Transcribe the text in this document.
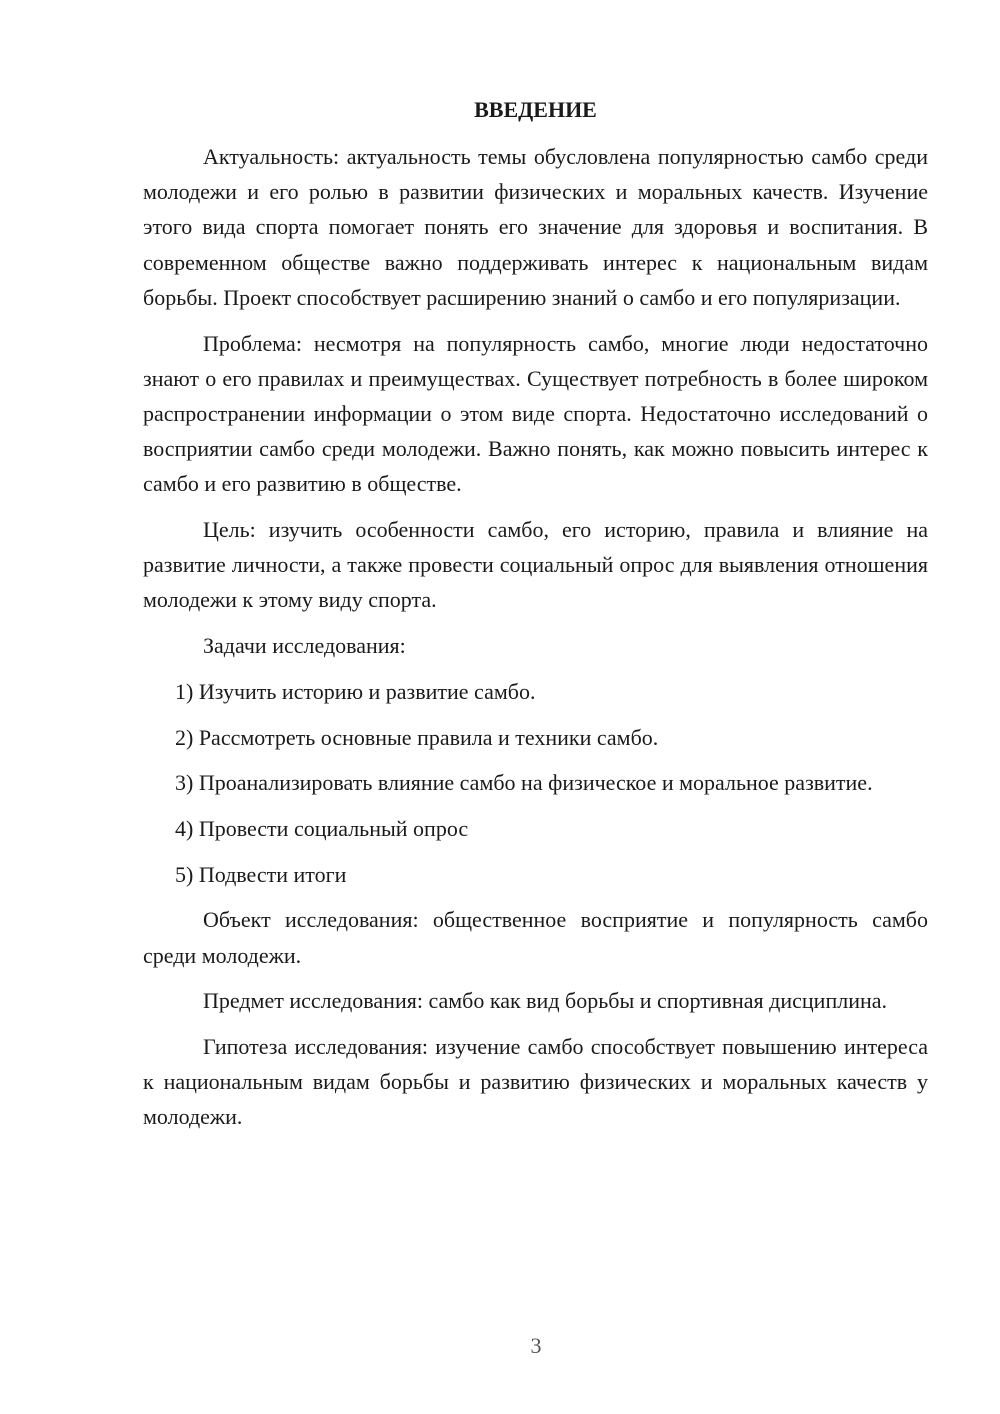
ВВЕДЕНИЕ

Актуальность: актуальность темы обусловлена популярностью самбо среди молодежи и его ролью в развитии физических и моральных качеств. Изучение этого вида спорта помогает понять его значение для здоровья и воспитания. В современном обществе важно поддерживать интерес к национальным видам борьбы. Проект способствует расширению знаний о самбо и его популяризации.

Проблема: несмотря на популярность самбо, многие люди недостаточно знают о его правилах и преимуществах. Существует потребность в более широком распространении информации о этом виде спорта. Недостаточно исследований о восприятии самбо среди молодежи. Важно понять, как можно повысить интерес к самбо и его развитию в обществе.

Цель: изучить особенности самбо, его историю, правила и влияние на развитие личности, а также провести социальный опрос для выявления отношения молодежи к этому виду спорта.

Задачи исследования:

1) Изучить историю и развитие самбо.

2) Рассмотреть основные правила и техники самбо.

3) Проанализировать влияние самбо на физическое и моральное развитие.

4) Провести социальный опрос

5) Подвести итоги

Объект исследования: общественное восприятие и популярность самбо среди молодежи.

Предмет исследования: самбо как вид борьбы и спортивная дисциплина.

Гипотеза исследования: изучение самбо способствует повышению интереса к национальным видам борьбы и развитию физических и моральных качеств у молодежи.

3
